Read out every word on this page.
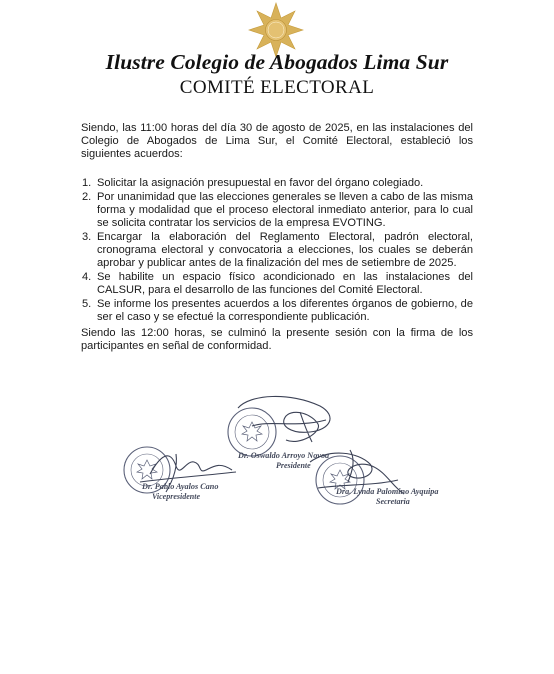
Ilustre Colegio de Abogados Lima Sur
COMITÉ ELECTORAL
Siendo, las 11:00 horas del día 30 de agosto de 2025, en las instalaciones del Colegio de Abogados de Lima Sur, el Comité Electoral, estableció los siguientes acuerdos:
1. Solicitar la asignación presupuestal en favor del órgano colegiado.
2. Por unanimidad que las elecciones generales se lleven a cabo de las misma forma y modalidad que el proceso electoral inmediato anterior, para lo cual se solicita contratar los servicios de la empresa EVOTING.
3. Encargar la elaboración del Reglamento Electoral, padrón electoral, cronograma electoral y convocatoria a elecciones, los cuales se deberán aprobar y publicar antes de la finalización del mes de setiembre de 2025.
4. Se habilite un espacio físico acondicionado en las instalaciones del CALSUR, para el desarrollo de las funciones del Comité Electoral.
5. Se informe los presentes acuerdos a los diferentes órganos de gobierno, de ser el caso y se efectué la correspondiente publicación.
Siendo las 12:00 horas, se culminó la presente sesión con la firma de los participantes en señal de conformidad.
Dr. Oswaldo Arroyo Novoa
Presidente
Dr. Pablo Ayalos Cano
Vicepresidente
Dra. Lynda Palomino Ayquipa
Secretaria
